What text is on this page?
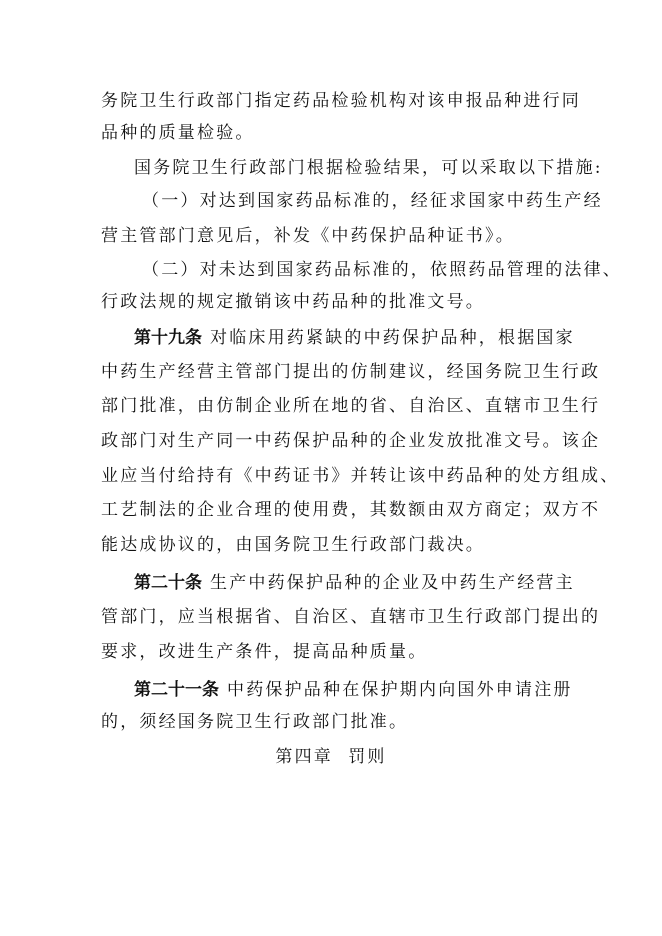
务院卫生行政部门指定药品检验机构对该申报品种进行同
品种的质量检验。
国务院卫生行政部门根据检验结果，可以采取以下措施:
（一）对达到国家药品标准的，经征求国家中药生产经
营主管部门意见后，补发《中药保护品种证书》。
（二）对未达到国家药品标准的，依照药品管理的法律、
行政法规的规定撤销该中药品种的批准文号。
第十九条 对临床用药紧缺的中药保护品种，根据国家
中药生产经营主管部门提出的仿制建议，经国务院卫生行政
部门批准，由仿制企业所在地的省、自治区、直辖市卫生行
政部门对生产同一中药保护品种的企业发放批准文号。该企
业应当付给持有《中药证书》并转让该中药品种的处方组成、
工艺制法的企业合理的使用费，其数额由双方商定；双方不
能达成协议的，由国务院卫生行政部门裁决。
第二十条 生产中药保护品种的企业及中药生产经营主
管部门，应当根据省、自治区、直辖市卫生行政部门提出的
要求，改进生产条件，提高品种质量。
第二十一条 中药保护品种在保护期内向国外申请注册
的，须经国务院卫生行政部门批准。
第四章  罚则
